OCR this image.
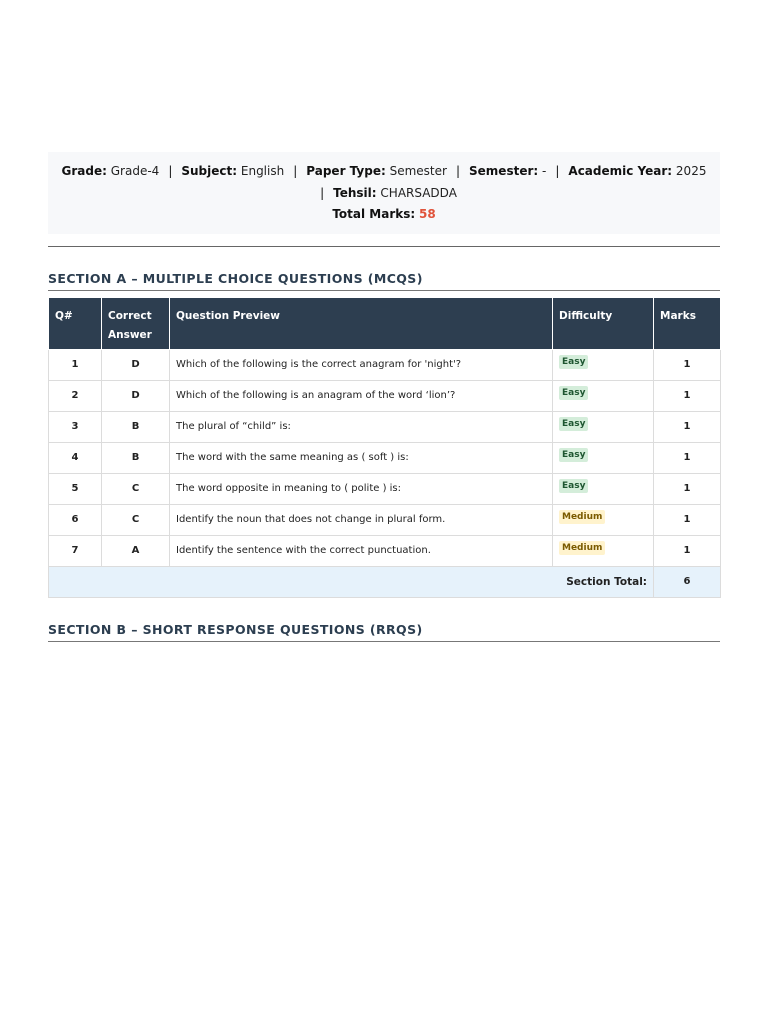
Grade: Grade-4 | Subject: English | Paper Type: Semester | Semester: - | Academic Year: 2025
| Tehsil: CHARSADDA
Total Marks: 58
SECTION A – MULTIPLE CHOICE QUESTIONS (MCQS)
Q#	Correct Answer	Question Preview	Difficulty	Marks
1	D	Which of the following is the correct anagram for 'night'?	Easy	1
2	D	Which of the following is an anagram of the word ‘lion’?	Easy	1
3	B	The plural of “child” is:	Easy	1
4	B	The word with the same meaning as ( soft ) is:	Easy	1
5	C	The word opposite in meaning to ( polite ) is:	Easy	1
6	C	Identify the noun that does not change in plural form.	Medium	1
7	A	Identify the sentence with the correct punctuation.	Medium	1
Section Total:				6
SECTION B – SHORT RESPONSE QUESTIONS (RRQS)
